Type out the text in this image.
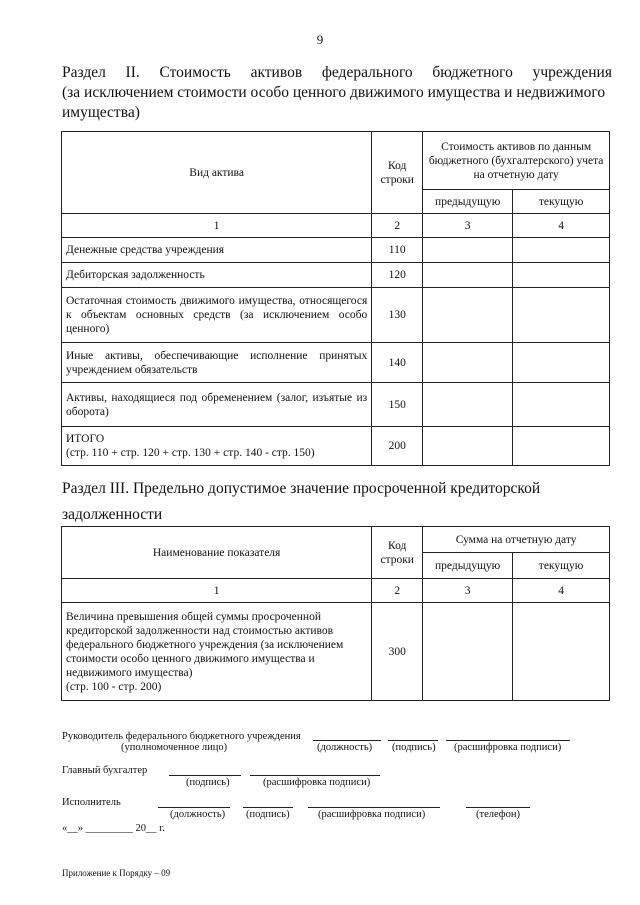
9
Раздел II. Стоимость активов федерального бюджетного учреждения
(за исключением стоимости особо ценного движимого имущества и недвижимого
имущества)
Вид актива	Код строки	Стоимость активов по данным бюджетного (бухгалтерского) учета на отчетную дату	
		предыдущую	текущую
1	2	3	4
Денежные средства учреждения	110		
Дебиторская задолженность	120		
Остаточная стоимость движимого имущества, относящегося к объектам основных средств (за исключением особо ценного)	130		
Иные активы, обеспечивающие исполнение принятых учреждением обязательств	140		
Активы, находящиеся под обременением (залог, изъятые из оборота)	150		

ИТОГО
(стр. 110 + стр. 120 + стр. 130 + стр. 140 - стр. 150)	200		
Раздел III. Предельно допустимое значение просроченной кредиторской
задолженности
Наименование показателя	Код строки	Сумма на отчетную дату	
		предыдущую	текущую
1	2	3	4

Величина превышения общей суммы просроченной кредиторской задолженности над стоимостью активов федерального бюджетного учреждения (за исключением стоимости особо ценного движимого имущества и недвижимого имущества)
(стр. 100 - стр. 200)	300		
Руководитель федерального бюджетного учреждения
(уполномоченное лицо)	(должность) (подпись) (расшифровка подписи)
Главный бухгалтер
(подпись)	(расшифровка подписи)
Исполнитель
(должность) (подпись)	(расшифровка подписи)	(телефон)
«__» _________ 20__ г.
Приложение к Порядку – 09
